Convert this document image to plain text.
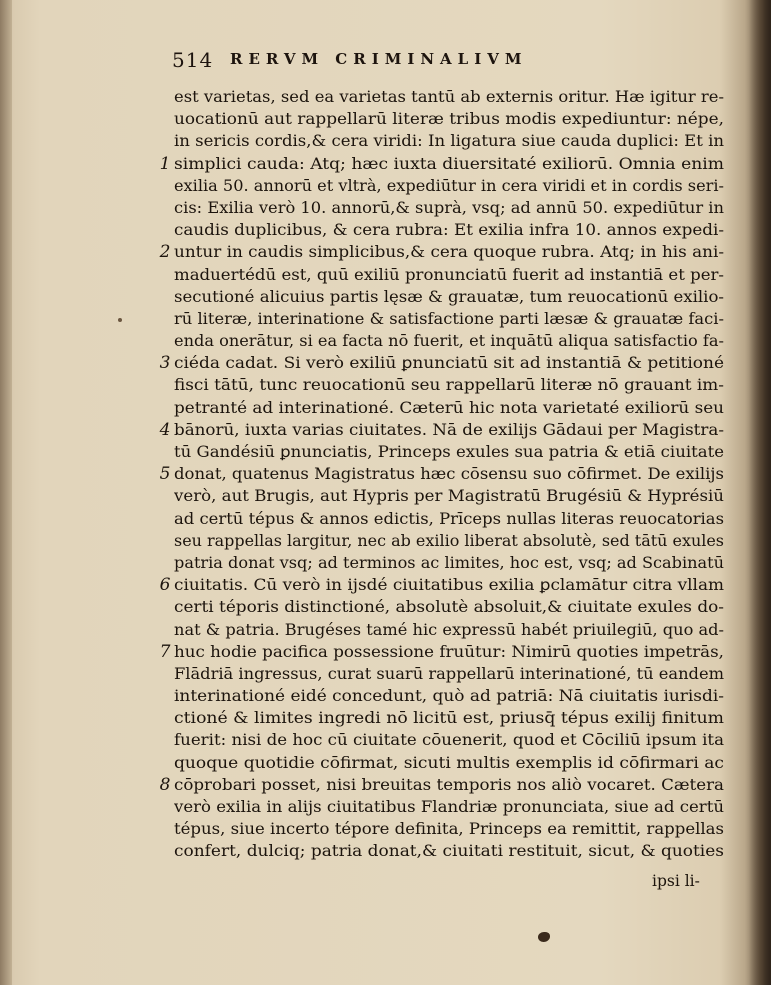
514 RERVM CRIMINALIVM
est varietas, sed ea varietas tantū ab externis oritur. Hæ igitur re-
uocationū aut rappellarū literæ tribus modis expediuntur: népe,
in sericis cordis,& cera viridi: In ligatura siue cauda duplici: Et in
simplici cauda: Atq; hæc iuxta diuersitaté exiliorū. Omnia enim
exilia 50. annorū et vltrà, expediūtur in cera viridi et in cordis seri-
cis: Exilia verò 10. annorū,& suprà, vsq; ad annū 50. expediūtur in
caudis duplicibus, & cera rubra: Et exilia infra 10. annos expedi-
untur in caudis simplicibus,& cera quoque rubra. Atq; in his ani-
maduertédū est, quū exiliū pronunciatū fuerit ad instantiā et per-
secutioné alicuius partis lęsæ & grauatæ, tum reuocationū exilio-
rū literæ, interinatione & satisfactione parti læsæ & grauatæ faci-
enda onerātur, si ea facta nō fuerit, et inquātū aliqua satisfactio fa-
ciéda cadat. Si verò exiliū ꝑnunciatū sit ad instantiā & petitioné
fisci tātū, tunc reuocationū seu rappellarū literæ nō grauant im-
petranté ad interinationé. Cæterū hic nota varietaté exiliorū seu
bānorū, iuxta varias ciuitates. Nā de exilijs Gādaui per Magistra-
tū Gandésiū ꝑnunciatis, Princeps exules sua patria & etiā ciuitate
donat, quatenus Magistratus hæc cōsensu suo cōfirmet. De exilijs
verò, aut Brugis, aut Hypris per Magistratū Brugésiū & Hyprésiū
ad certū tépus & annos edictis, Prīceps nullas literas reuocatorias
seu rappellas largitur, nec ab exilio liberat absolutè, sed tātū exules
patria donat vsq; ad terminos ac limites, hoc est, vsq; ad Scabinatū
ciuitatis. Cū verò in ijsdé ciuitatibus exilia ꝑclamātur citra vllam
certi téporis distinctioné, absolutè absoluit,& ciuitate exules do-
nat & patria. Brugéses tamé hic expressū habét priuilegiū, quo ad-
huc hodie pacifica possessione fruūtur: Nimirū quoties impetrās,
Flādriā ingressus, curat suarū rappellarū interinationé, tū eandem
interinationé eidé concedunt, quò ad patriā: Nā ciuitatis iurisdi-
ctioné & limites ingredi nō licitū est, priusq̄ tépus exilij finitum
fuerit: nisi de hoc cū ciuitate cōuenerit, quod et Cōciliū ipsum ita
quoque quotidie cōfirmat, sicuti multis exemplis id cōfirmari ac
cōprobari posset, nisi breuitas temporis nos aliò vocaret. Cætera
verò exilia in alijs ciuitatibus Flandriæ pronunciata, siue ad certū
tépus, siue incerto tépore definita, Princeps ea remittit, rappellas
confert, dulciq; patria donat,& ciuitati restituit, sicut, & quoties
1
2
3
4
5
6
7
8
ipsi li-
